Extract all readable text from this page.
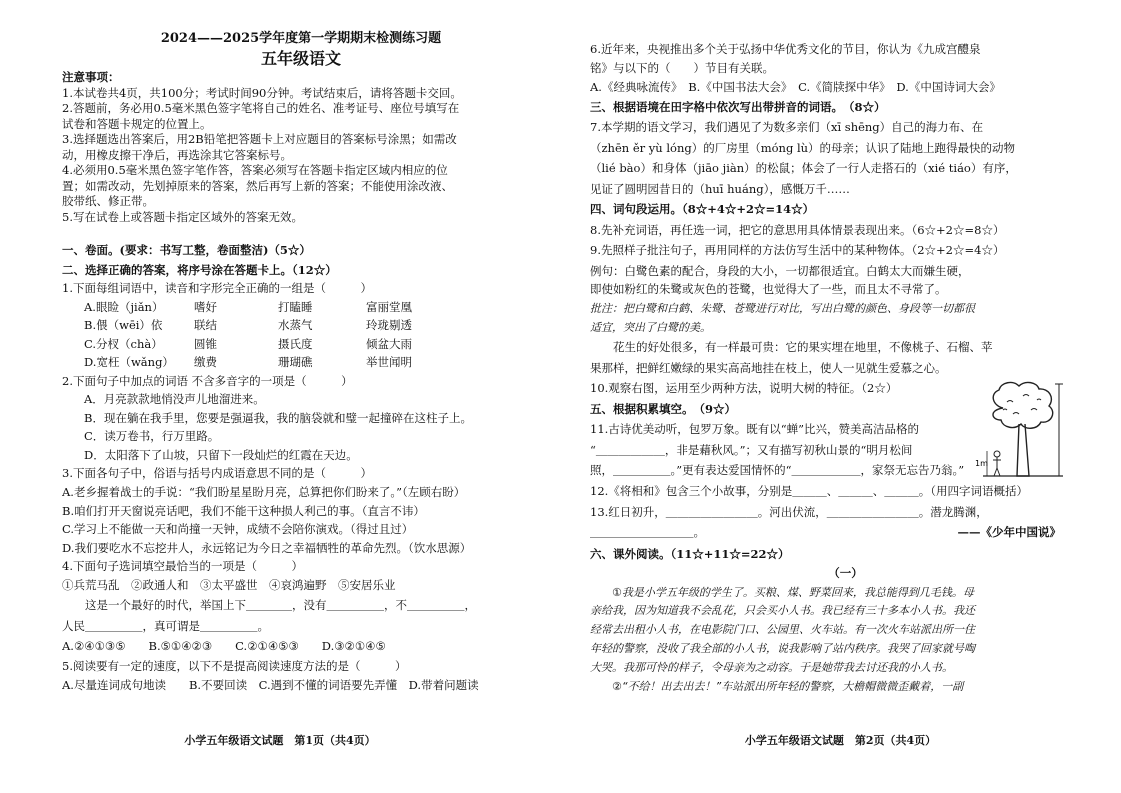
2024——2025学年度第一学期期末检测练习题

五年级语文

注意事项：

1.本试卷共4页，共100分；考试时间90分钟。考试结束后，请将答题卡交回。

2.答题前，务必用0.5毫米黑色签字笔将自己的姓名、准考证号、座位号填写在

试卷和答题卡规定的位置上。

3.选择题选出答案后，用2B铅笔把答题卡上对应题目的答案标号涂黑；如需改

动，用橡皮擦干净后，再选涂其它答案标号。

4.必须用0.5毫米黑色签字笔作答，答案必须写在答题卡指定区域内相应的位

置；如需改动，先划掉原来的答案，然后再写上新的答案；不能使用涂改液、

胶带纸、修正带。

5.写在试卷上或答题卡指定区域外的答案无效。

一、卷面。(要求：书写工整，卷面整洁)（5☆）

二、选择正确的答案，将序号涂在答题卡上。（12☆）

1.下面每组词语中，读音和字形完全正确的一组是（　　　）

A.眼睑（jiǎn）	嗜好	打瞌睡	富丽堂凰
B.偎（wēi）依	联结	水蒸气	玲珑剔透
C.分杈（chà）	圆锥	摄氏度	倾盆大雨
D.宽枉（wǎng）	缴费	珊瑚礁	举世闻明

2.下面句子中加点的词语 不含多音字的一项是（　　　）

A．月亮款款地悄没声儿地溜进来。

B．现在躺在我手里，您要是强逼我，我的脑袋就和璧一起撞碎在这柱子上。

C．读万卷书，行万里路。

D．太阳落下了山坡，只留下一段灿烂的红霞在天边。

3.下面各句子中，俗语与括号内成语意思不同的是（　　　）

A.老乡握着战士的手说：“我们盼星星盼月亮，总算把你们盼来了。”（左顾右盼）

B.咱们打开天窗说亮话吧，我们不能干这种损人利己的事。（直言不讳）

C.学习上不能做一天和尚撞一天钟，成绩不会陪你演戏。（得过且过）

D.我们要吃水不忘挖井人，永远铭记为今日之幸福牺牲的革命先烈。（饮水思源）

4.下面句子选词填空最恰当的一项是（　　　）

①兵荒马乱　②政通人和　③太平盛世　④哀鸿遍野　⑤安居乐业

　　这是一个最好的时代，举国上下＿＿＿＿，没有＿＿＿＿＿，不＿＿＿＿＿，

人民＿＿＿＿＿，真可谓是＿＿＿＿＿。

A.②④①③⑤　　B.⑤①④②③　　C.②①④⑤③　　D.③②①④⑤

5.阅读要有一定的速度，以下不是提高阅读速度方法的是（　　　）

A.尽量连词成句地读　　B.不要回读　C.遇到不懂的词语要先弄懂　D.带着问题读

小学五年级语文试题　第1页（共4页）

6.近年来，央视推出多个关于弘扬中华优秀文化的节目，你认为《九成宫醴泉

铭》与以下的（　　）节目有关联。

A.《经典咏流传》　B.《中国书法大会》　C.《简牍探中华》　D.《中国诗词大会》

三、根据语境在田字格中依次写出带拼音的词语。　（8☆）

7.本学期的语文学习，我们遇见了为数多亲们（xī shēng）自己的海力布、在

（zhēn ěr yù lóng）的厂房里（móng lù）的母亲；认识了陆地上跑得最快的动物

（lié bào）和身体（jiāo jiàn）的松鼠；体会了一行人走搭石的（xié tiáo）有序，

见证了圆明园昔日的（huī huáng），感慨万千……

四、词句段运用。（8☆+4☆+2☆=14☆）

8.先补充词语，再任选一词，把它的意思用具体情景表现出来。（6☆+2☆=8☆）

9.先照样子批注句子，再用同样的方法仿写生活中的某种物体。（2☆+2☆=4☆）

例句：白鹭色素的配合，身段的大小，一切都很适宜。白鹤太大而嫌生硬，

即使如粉红的朱鹭或灰色的苍鹭，也觉得大了一些，而且太不寻常了。

批注：把白鹭和白鹤、朱鹭、苍鹭进行对比，写出白鹭的颜色、身段等一切都很

适宜，突出了白鹭的美。

　　花生的好处很多，有一样最可贵：它的果实埋在地里，不像桃子、石榴、苹

果那样，把鲜红嫩绿的果实高高地挂在枝上，使人一见就生爱慕之心。

10.观察右图，运用至少两种方法，说明大树的特征。（2☆）

五、根据积累填空。　（9☆）

11.古诗优美动听，包罗万象。既有以“蝉”比兴，赞美高洁品格的

“＿＿＿＿＿＿，非是藉秋风。”；又有描写初秋山景的“明月松间

照，＿＿＿＿＿。”更有表达爱国情怀的“＿＿＿＿＿＿，家祭无忘告乃翁。”

12.《将相和》包含三个小故事，分别是＿＿＿、＿＿＿、＿＿＿。（用四字词语概括）

13.红日初升，＿＿＿＿＿＿＿＿。河出伏流，＿＿＿＿＿＿＿＿。潜龙腾渊，

＿＿＿＿＿＿＿＿＿。	——《少年中国说》

六、课外阅读。（11☆+11☆=22☆）

（一）

　　①我是小学五年级的学生了。买粮、煤、野菜回来，我总能得到几毛钱。母

亲给我，因为知道我不会乱花，只会买小人书。我已经有三十多本小人书。我还

经常去出租小人书，在电影院门口、公园里、火车站。有一次火车站派出所一住

年轻的警察，没收了我全部的小人书，说我影响了站内秩序。我哭了回家就号啕

大哭。我那可怜的样子，令母亲为之动容。于是她带我去讨还我的小人书。

　　②“不给！出去出去！”车站派出所年轻的警察，大檐帽微微歪戴着，一副

1m
小学五年级语文试题　第2页（共4页）
